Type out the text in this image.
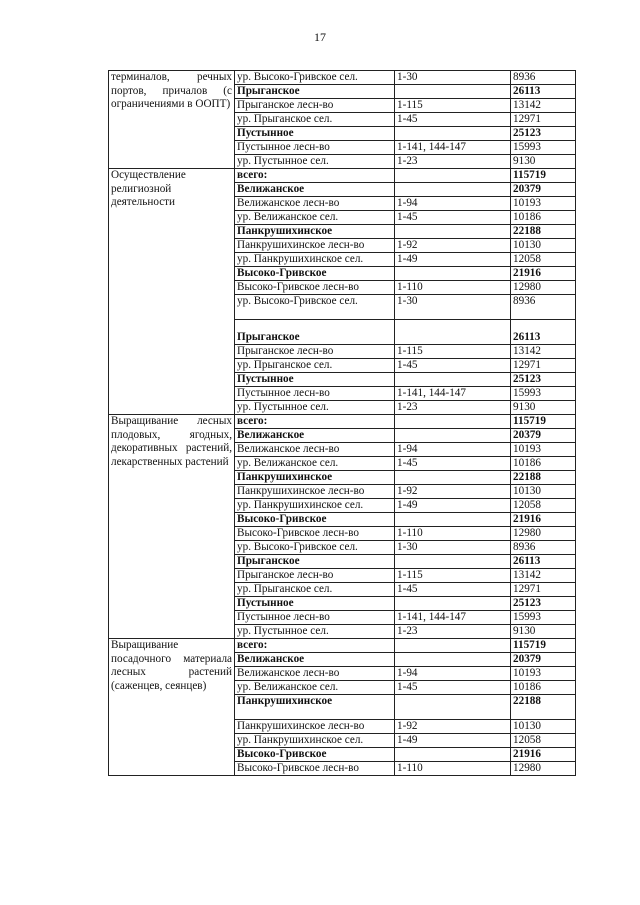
17
терминалов, речных портов, причалов (с ограничениями в ООПТ)	ур. Высоко-Гривское сел.	1-30	8936
	Прыганское		26113
	Прыганское лесн-во	1-115	13142
	ур. Прыганское сел.	1-45	12971
	Пустынное		25123
	Пустынное лесн-во	1-141, 144-147	15993
	ур. Пустынное сел.	1-23	9130
Осуществление религиозной деятельности	всего:		115719
	Велижанское		20379
	Велижанское лесн-во	1-94	10193
	ур. Велижанское сел.	1-45	10186
	Панкрушихинское		22188
	Панкрушихинское лесн-во	1-92	10130
	ур. Панкрушихинское сел.	1-49	12058
	Высоко-Гривское		21916
	Высоко-Гривское лесн-во	1-110	12980
	ур. Высоко-Гривское сел.	1-30	8936
	Прыганское		26113
	Прыганское лесн-во	1-115	13142
	ур. Прыганское сел.	1-45	12971
	Пустынное		25123
	Пустынное лесн-во	1-141, 144-147	15993
	ур. Пустынное сел.	1-23	9130
Выращивание лесных плодовых, ягодных, декоративных растений, лекарственных растений	всего:		115719
	Велижанское		20379
	Велижанское лесн-во	1-94	10193
	ур. Велижанское сел.	1-45	10186
	Панкрушихинское		22188
	Панкрушихинское лесн-во	1-92	10130
	ур. Панкрушихинское сел.	1-49	12058
	Высоко-Гривское		21916
	Высоко-Гривское лесн-во	1-110	12980
	ур. Высоко-Гривское сел.	1-30	8936
	Прыганское		26113
	Прыганское лесн-во	1-115	13142
	ур. Прыганское сел.	1-45	12971
	Пустынное		25123
	Пустынное лесн-во	1-141, 144-147	15993
	ур. Пустынное сел.	1-23	9130
Выращивание посадочного материала лесных растений (саженцев, сеянцев)	всего:		115719
	Велижанское		20379
	Велижанское лесн-во	1-94	10193
	ур. Велижанское сел.	1-45	10186
	Панкрушихинское		22188
	Панкрушихинское лесн-во	1-92	10130
	ур. Панкрушихинское сел.	1-49	12058
	Высоко-Гривское		21916
	Высоко-Гривское лесн-во	1-110	12980
